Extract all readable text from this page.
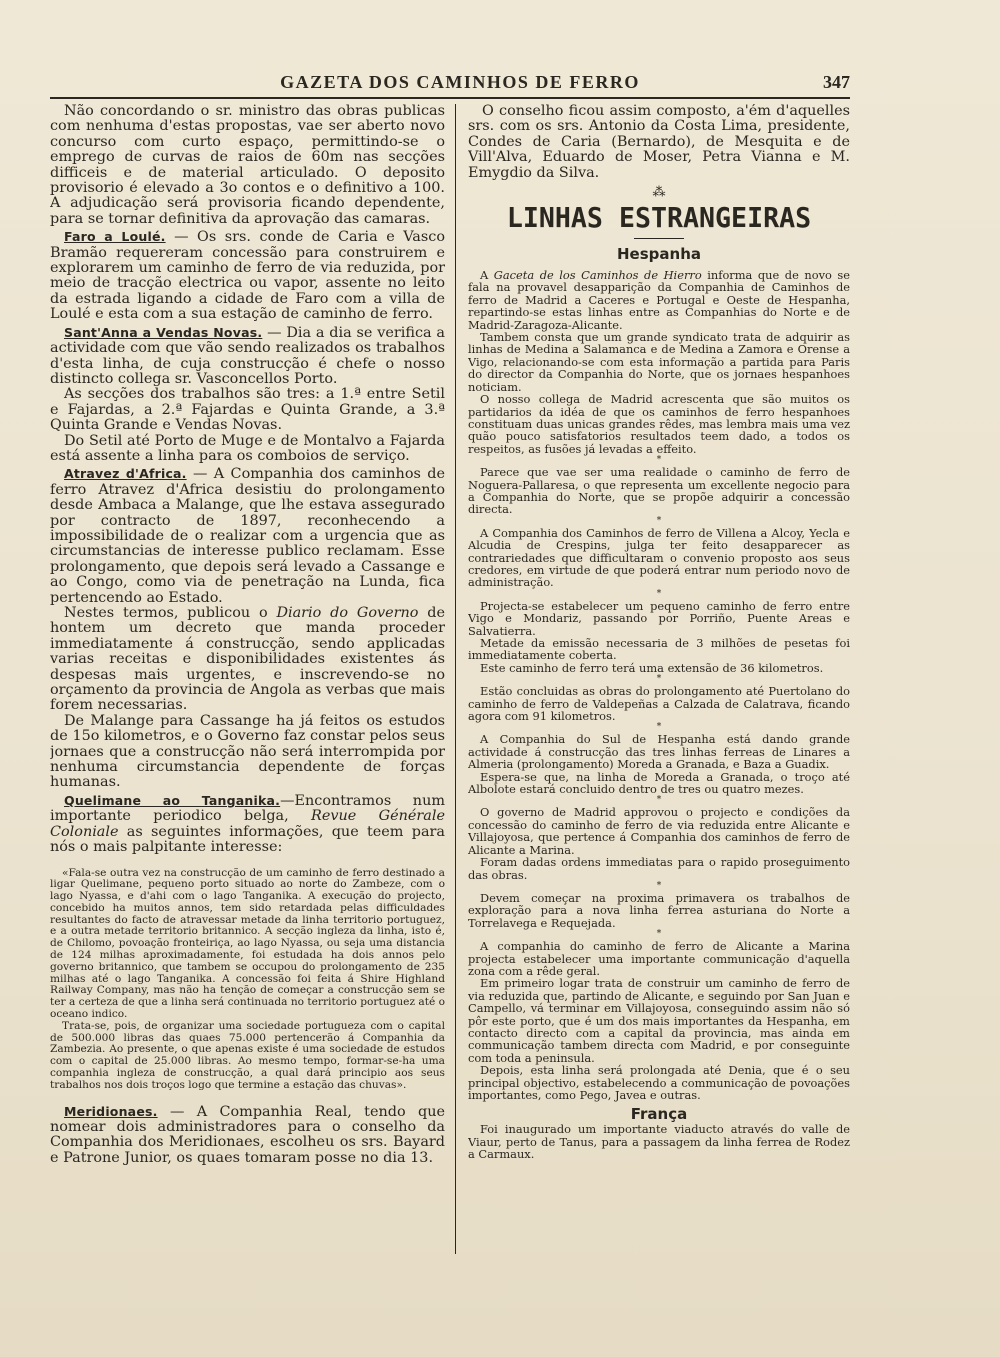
GAZETA DOS CAMINHOS DE FERRO	347

Não concordando o sr. ministro das obras publicas com nenhuma d'estas propostas, vae ser aberto novo concurso com curto espaço, permittindo-se o emprego de curvas de raios de 60m nas secções difficeis e de material articulado. O deposito provisorio é elevado a 3o contos e o definitivo a 100. A adjudicação será provisoria ficando dependente, para se tornar definitiva da aprovação das camaras.

Faro a Loulé. — Os srs. conde de Caria e Vasco Bramão requereram concessão para construirem e explorarem um caminho de ferro de via reduzida, por meio de tracção electrica ou vapor, assente no leito da estrada ligando a cidade de Faro com a villa de Loulé e esta com a sua estação de caminho de ferro.

Sant'Anna a Vendas Novas. — Dia a dia se verifica a actividade com que vão sendo realizados os trabalhos d'esta linha, de cuja construcção é chefe o nosso distincto collega sr. Vasconcellos Porto.

As secções dos trabalhos são tres: a 1.ª entre Setil e Fajardas, a 2.ª Fajardas e Quinta Grande, a 3.ª Quinta Grande e Vendas Novas.

Do Setil até Porto de Muge e de Montalvo a Fajarda está assente a linha para os comboios de serviço.

Atravez d'Africa. — A Companhia dos caminhos de ferro Atravez d'Africa desistiu do prolongamento desde Ambaca a Malange, que lhe estava assegurado por contracto de 1897, reconhecendo a impossibilidade de o realizar com a urgencia que as circumstancias de interesse publico reclamam. Esse prolongamento, que depois será levado a Cassange e ao Congo, como via de penetração na Lunda, fica pertencendo ao Estado.

Nestes termos, publicou o Diario do Governo de hontem um decreto que manda proceder immediatamente á construcção, sendo applicadas varias receitas e disponibilidades existentes ás despesas mais urgentes, e inscrevendo-se no orçamento da provincia de Angola as verbas que mais forem necessarias.

De Malange para Cassange ha já feitos os estudos de 15o kilometros, e o Governo faz constar pelos seus jornaes que a construcção não será interrompida por nenhuma circumstancia dependente de forças humanas.

Quelimane ao Tanganika.—Encontramos num importante periodico belga, Revue Générale Coloniale as seguintes informações, que teem para nós o mais palpitante interesse:

«Fala-se outra vez na construcção de um caminho de ferro destinado a ligar Quelimane, pequeno porto situado ao norte do Zambeze, com o lago Nyassa, e d'ahi com o lago Tanganika. A execução do projecto, concebido ha muitos annos, tem sido retardada pelas difficuldades resultantes do facto de atravessar metade da linha territorio portuguez, e a outra metade territorio britannico. A secção ingleza da linha, isto é, de Chilomo, povoação fronteiriça, ao lago Nyassa, ou seja uma distancia de 124 milhas aproximadamente, foi estudada ha dois annos pelo governo britannico, que tambem se occupou do prolongamento de 235 milhas até o lago Tanganika. A concessão foi feita á Shire Highland Railway Company, mas não ha tenção de começar a construcção sem se ter a certeza de que a linha será continuada no territorio portuguez até o oceano indico.

Trata-se, pois, de organizar uma sociedade portugueza com o capital de 500.000 libras das quaes 75.000 pertencerão á Companhia da Zambezia. Ao presente, o que apenas existe é uma sociedade de estudos com o capital de 25.000 libras. Ao mesmo tempo, formar-se-ha uma companhia ingleza de construcção, a qual dará principio aos seus trabalhos nos dois troços logo que termine a estação das chuvas».

Meridionaes. — A Companhia Real, tendo que nomear dois administradores para o conselho da Companhia dos Meridionaes, escolheu os srs. Bayard e Patrone Junior, os quaes tomaram posse no dia 13.

O conselho ficou assim composto, a'ém d'aquelles srs. com os srs. Antonio da Costa Lima, presidente, Condes de Caria (Bernardo), de Mesquita e de Vill'Alva, Eduardo de Moser, Petra Vianna e M. Emygdio da Silva.

⁂
LINHAS ESTRANGEIRAS
Hespanha

A Gaceta de los Caminhos de Hierro informa que de novo se fala na provavel desapparição da Companhia de Caminhos de ferro de Madrid a Caceres e Portugal e Oeste de Hespanha, repartindo-se estas linhas entre as Companhias do Norte e de Madrid-Zaragoza-Alicante.

Tambem consta que um grande syndicato trata de adquirir as linhas de Medina a Salamanca e de Medina a Zamora e Orense a Vigo, relacionando-se com esta informação a partida para Paris do director da Companhia do Norte, que os jornaes hespanhoes noticiam.

O nosso collega de Madrid acrescenta que são muitos os partidarios da idéa de que os caminhos de ferro hespanhoes constituam duas unicas grandes rêdes, mas lembra mais uma vez quão pouco satisfatorios resultados teem dado, a todos os respeitos, as fusões já levadas a effeito.

*

Parece que vae ser uma realidade o caminho de ferro de Noguera-Pallaresa, o que representa um excellente negocio para a Companhia do Norte, que se propõe adquirir a concessão directa.

*

A Companhia dos Caminhos de ferro de Villena a Alcoy, Yecla e Alcudia de Crespins, julga ter feito desapparecer as contrariedades que difficultaram o convenio proposto aos seus credores, em virtude de que poderá entrar num periodo novo de administração.

*

Projecta-se estabelecer um pequeno caminho de ferro entre Vigo e Mondariz, passando por Porriño, Puente Areas e Salvatierra.

Metade da emissão necessaria de 3 milhões de pesetas foi immediatamente coberta.

Este caminho de ferro terá uma extensão de 36 kilometros.

*

Estão concluidas as obras do prolongamento até Puertolano do caminho de ferro de Valdepeñas a Calzada de Calatrava, ficando agora com 91 kilometros.

*

A Companhia do Sul de Hespanha está dando grande actividade á construcção das tres linhas ferreas de Linares a Almeria (prolongamento) Moreda a Granada, e Baza a Guadix.

Espera-se que, na linha de Moreda a Granada, o troço até Albolote estará concluido dentro de tres ou quatro mezes.

*

O governo de Madrid approvou o projecto e condições da concessão do caminho de ferro de via reduzida entre Alicante e Villajoyosa, que pertence á Companhia dos caminhos de ferro de Alicante a Marina.

Foram dadas ordens immediatas para o rapido proseguimento das obras.

*

Devem começar na proxima primavera os trabalhos de exploração para a nova linha ferrea asturiana do Norte a Torrelavega e Requejada.

*

A companhia do caminho de ferro de Alicante a Marina projecta estabelecer uma importante communicação d'aquella zona com a rêde geral.

Em primeiro logar trata de construir um caminho de ferro de via reduzida que, partindo de Alicante, e seguindo por San Juan e Campello, vá terminar em Villajoyosa, conseguindo assim não só pôr este porto, que é um dos mais importantes da Hespanha, em contacto directo com a capital da provincia, mas ainda em communicação tambem directa com Madrid, e por conseguinte com toda a peninsula.

Depois, esta linha será prolongada até Denia, que é o seu principal objectivo, estabelecendo a communicação de povoações importantes, como Pego, Javea e outras.

França

Foi inaugurado um importante viaducto através do valle de Viaur, perto de Tanus, para a passagem da linha ferrea de Rodez a Carmaux.
